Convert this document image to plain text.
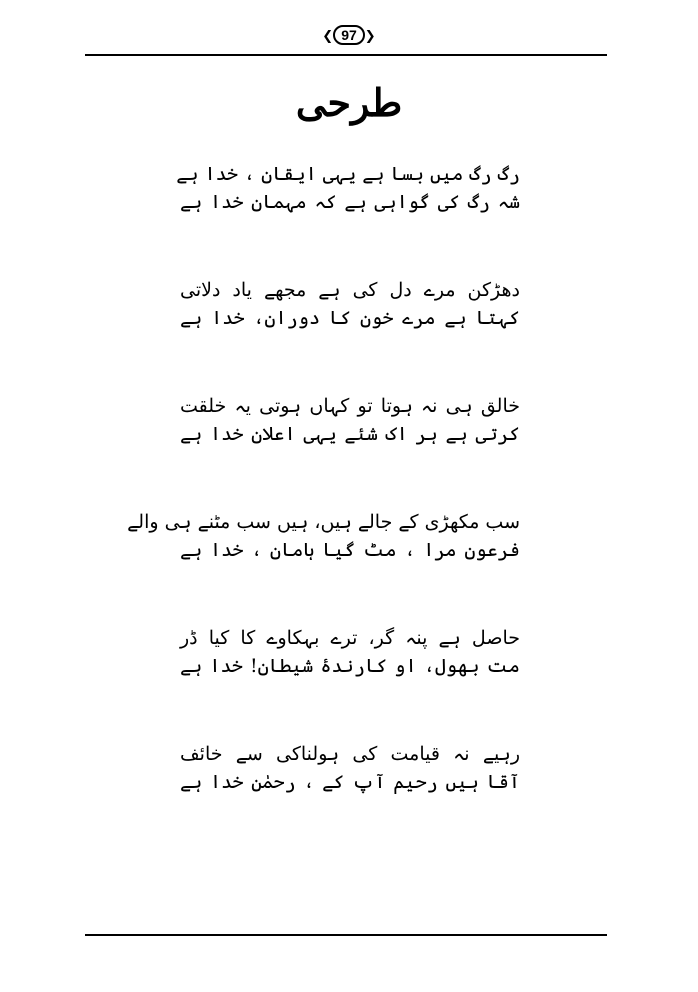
❮ 97 ❯
طرحی
رگ رگ میں بسا ہے یہی ایقان ، خدا ہے
شہ رگ کی گواہی ہے کہ مہمان خدا ہے
دھڑکن مرے دل کی ہے مجھے یاد دلاتی
کہتا ہے مرے خون کا دوران، خدا ہے
خالق ہی نہ ہوتا تو کہاں ہوتی یہ خلقت
کرتی ہے ہر اک شئے یہی اعلان خدا ہے
سب مکھڑی کے جالے ہیں، ہیں سب مٹنے ہی والے
فرعون مرا ، مٹ گیا ہامان ، خدا ہے
حاصل ہے پنہ گر، ترے بہکاوے کا کیا ڈر
مت بھول، او کارندۂ شیطان! خدا ہے
رہیے نہ قیامت کی ہولناکی سے خائف
آقا ہیں رحیم آپ کے ، رحمٰن خدا ہے
